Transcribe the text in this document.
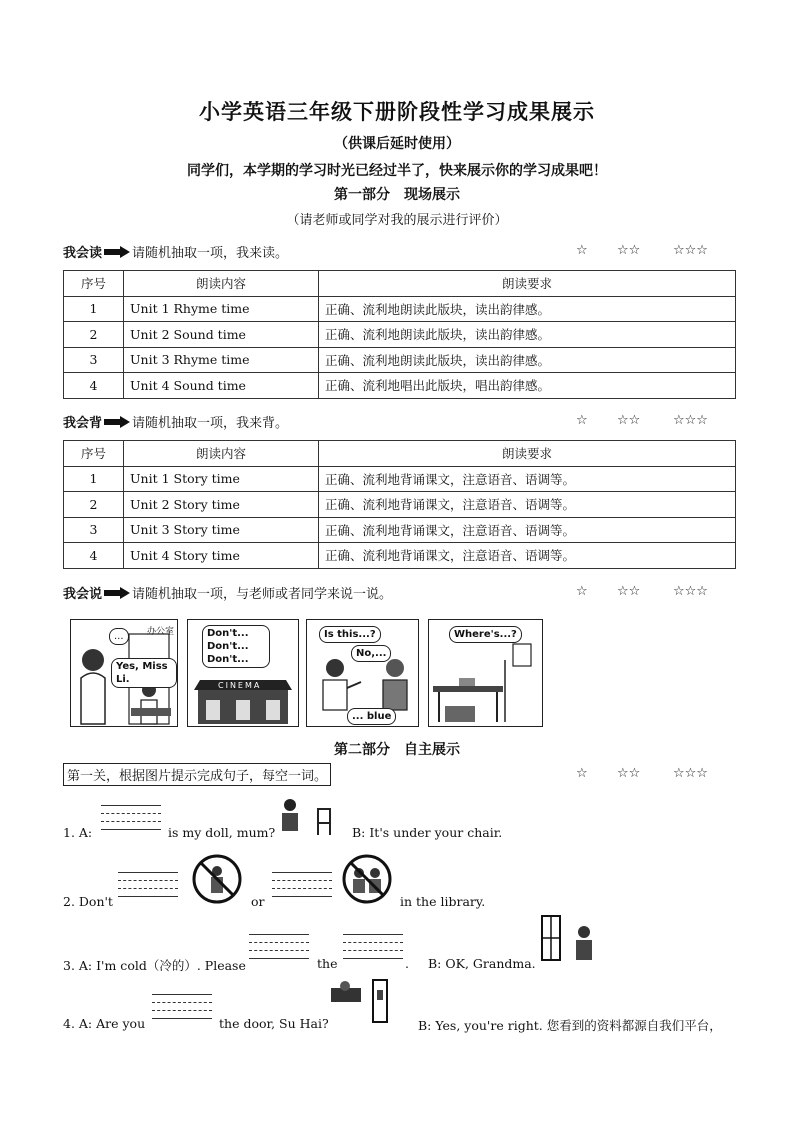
小学英语三年级下册阶段性学习成果展示
（供课后延时使用）
同学们，本学期的学习时光已经过半了，快来展示你的学习成果吧！
第一部分　现场展示
（请老师或同学对我的展示进行评价）
我会读 请随机抽取一项，我来读。	☆ ☆☆	☆☆☆
序号	朗读内容	朗读要求
1	Unit 1 Rhyme time	正确、流利地朗读此版块，读出韵律感。
2	Unit 2 Sound time	正确、流利地朗读此版块，读出韵律感。
3	Unit 3 Rhyme time	正确、流利地朗读此版块，读出韵律感。
4	Unit 4 Sound time	正确、流利地唱出此版块，唱出韵律感。
我会背 请随机抽取一项，我来背。	☆ ☆☆	☆☆☆
序号	朗读内容	朗读要求
1	Unit 1 Story time	正确、流利地背诵课文，注意语音、语调等。
2	Unit 2 Story time	正确、流利地背诵课文，注意语音、语调等。
3	Unit 3 Story time	正确、流利地背诵课文，注意语音、语调等。
4	Unit 4 Story time	正确、流利地背诵课文，注意语音、语调等。
我会说 请随机抽取一项，与老师或者同学来说一说。	☆ ☆☆	☆☆☆
...
Yes, Miss Li.
办公室
CINEMA
Don't...
Don't...
Don't...
Is this...?
No,...
... blue
Where's...?
第二部分　自主展示
第一关，根据图片提示完成句子，每空一词。	☆ ☆☆	☆☆☆
1. A:	is my doll, mum?	B: It's under your chair.
2. Don't	or	in the library.
3. A: I'm cold（冷的）. Please	the	. B: OK, Grandma.
4. A: Are you	the door, Su Hai?	B: Yes, you're right. 您看到的资料都源自我们平台，
